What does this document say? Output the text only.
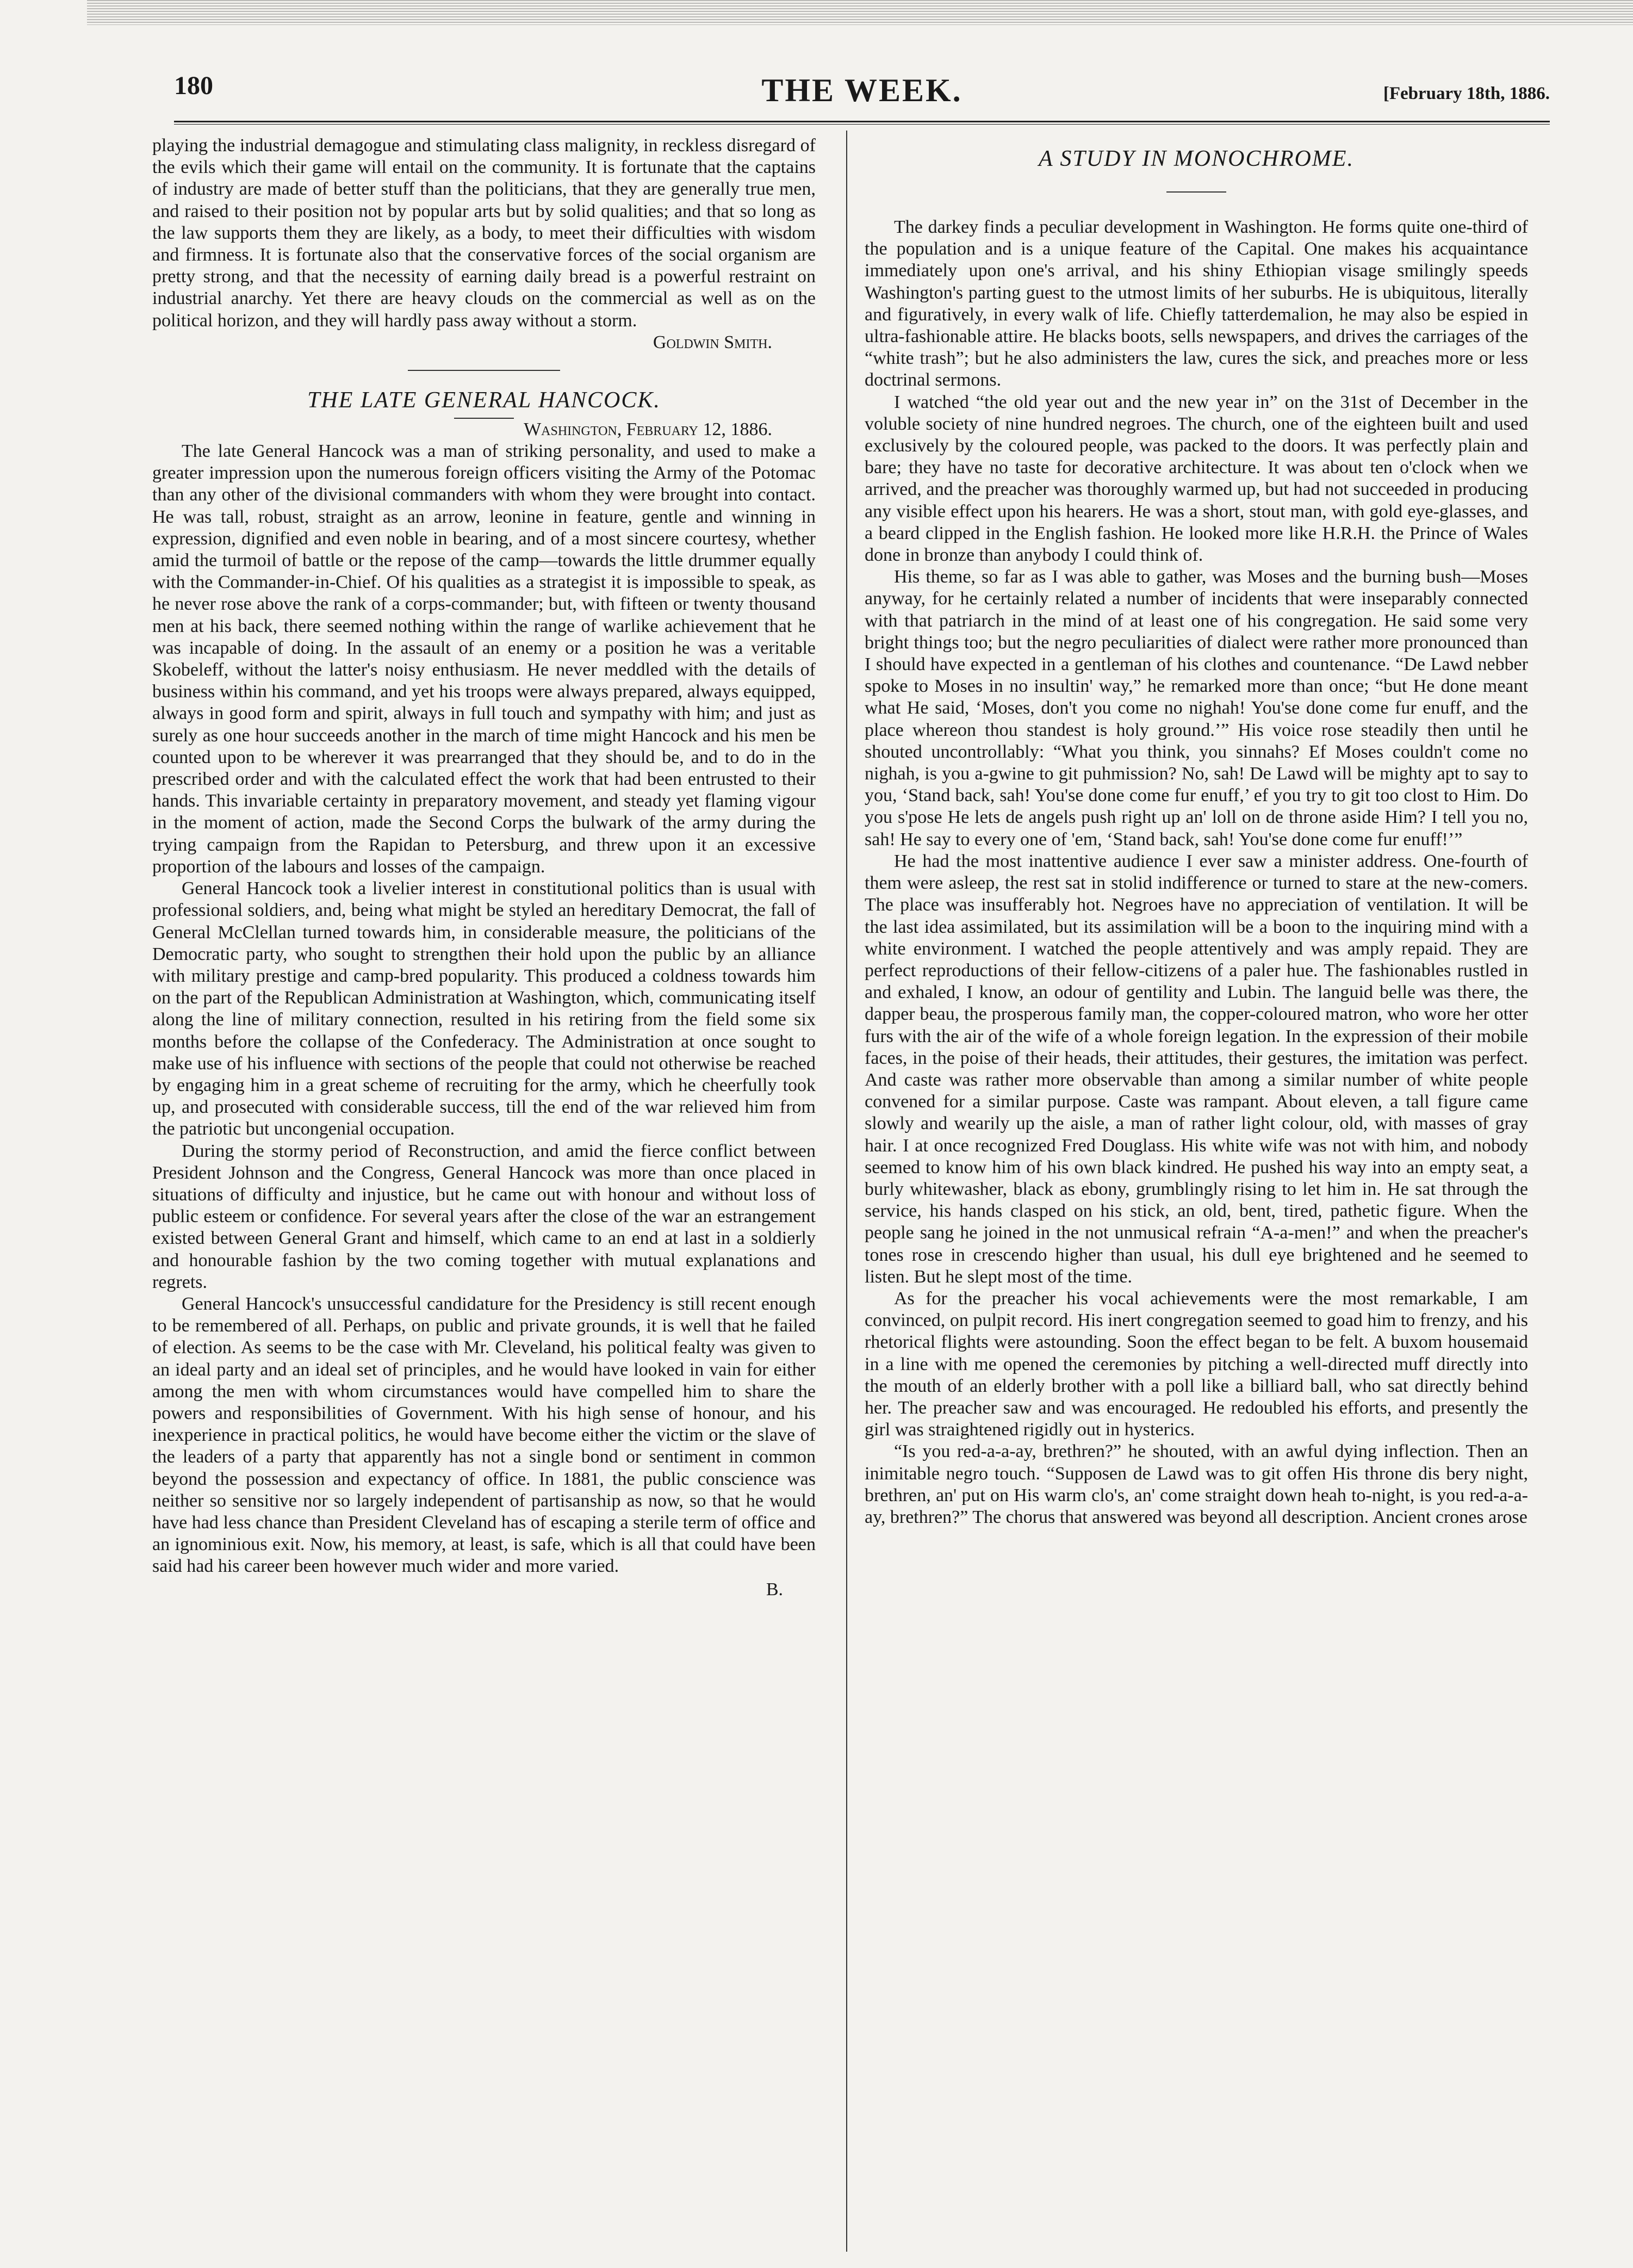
180	THE WEEK.	[February 18th, 1886.

playing the industrial demagogue and stimulating class malignity, in reckless disregard of the evils which their game will entail on the community. It is fortunate that the captains of industry are made of better stuff than the politicians, that they are generally true men, and raised to their position not by popular arts but by solid qualities; and that so long as the law supports them they are likely, as a body, to meet their difficulties with wisdom and firmness. It is fortunate also that the conservative forces of the social organism are pretty strong, and that the necessity of earning daily bread is a powerful restraint on industrial anarchy. Yet there are heavy clouds on the commercial as well as on the political horizon, and they will hardly pass away without a storm.

Goldwin Smith.

THE LATE GENERAL HANCOCK.

Washington, February 12, 1886.

The late General Hancock was a man of striking personality, and used to make a greater impression upon the numerous foreign officers visiting the Army of the Potomac than any other of the divisional commanders with whom they were brought into contact. He was tall, robust, straight as an arrow, leonine in feature, gentle and winning in expression, dignified and even noble in bearing, and of a most sincere courtesy, whether amid the turmoil of battle or the repose of the camp—towards the little drummer equally with the Commander-in-Chief. Of his qualities as a strategist it is impossible to speak, as he never rose above the rank of a corps-commander; but, with fifteen or twenty thousand men at his back, there seemed nothing within the range of warlike achievement that he was incapable of doing. In the assault of an enemy or a position he was a veritable Skobeleff, without the latter's noisy enthusiasm. He never meddled with the details of business within his command, and yet his troops were always prepared, always equipped, always in good form and spirit, always in full touch and sympathy with him; and just as surely as one hour succeeds another in the march of time might Hancock and his men be counted upon to be wherever it was prearranged that they should be, and to do in the prescribed order and with the calculated effect the work that had been entrusted to their hands. This invariable certainty in preparatory movement, and steady yet flaming vigour in the moment of action, made the Second Corps the bulwark of the army during the trying campaign from the Rapidan to Petersburg, and threw upon it an excessive proportion of the labours and losses of the campaign.

General Hancock took a livelier interest in constitutional politics than is usual with professional soldiers, and, being what might be styled an hereditary Democrat, the fall of General McClellan turned towards him, in considerable measure, the politicians of the Democratic party, who sought to strengthen their hold upon the public by an alliance with military prestige and camp-bred popularity. This produced a coldness towards him on the part of the Republican Administration at Washington, which, communicating itself along the line of military connection, resulted in his retiring from the field some six months before the collapse of the Confederacy. The Administration at once sought to make use of his influence with sections of the people that could not otherwise be reached by engaging him in a great scheme of recruiting for the army, which he cheerfully took up, and prosecuted with considerable success, till the end of the war relieved him from the patriotic but uncongenial occupation.

During the stormy period of Reconstruction, and amid the fierce conflict between President Johnson and the Congress, General Hancock was more than once placed in situations of difficulty and injustice, but he came out with honour and without loss of public esteem or confidence. For several years after the close of the war an estrangement existed between General Grant and himself, which came to an end at last in a soldierly and honourable fashion by the two coming together with mutual explanations and regrets.

General Hancock's unsuccessful candidature for the Presidency is still recent enough to be remembered of all. Perhaps, on public and private grounds, it is well that he failed of election. As seems to be the case with Mr. Cleveland, his political fealty was given to an ideal party and an ideal set of principles, and he would have looked in vain for either among the men with whom circumstances would have compelled him to share the powers and responsibilities of Government. With his high sense of honour, and his inexperience in practical politics, he would have become either the victim or the slave of the leaders of a party that apparently has not a single bond or sentiment in common beyond the possession and expectancy of office. In 1881, the public conscience was neither so sensitive nor so largely independent of partisanship as now, so that he would have had less chance than President Cleveland has of escaping a sterile term of office and an ignominious exit. Now, his memory, at least, is safe, which is all that could have been said had his career been however much wider and more varied.

B.

A STUDY IN MONOCHROME.

The darkey finds a peculiar development in Washington. He forms quite one-third of the population and is a unique feature of the Capital. One makes his acquaintance immediately upon one's arrival, and his shiny Ethiopian visage smilingly speeds Washington's parting guest to the utmost limits of her suburbs. He is ubiquitous, literally and figuratively, in every walk of life. Chiefly tatterdemalion, he may also be espied in ultra-fashionable attire. He blacks boots, sells newspapers, and drives the carriages of the “white trash”; but he also administers the law, cures the sick, and preaches more or less doctrinal sermons.

I watched “the old year out and the new year in” on the 31st of December in the voluble society of nine hundred negroes. The church, one of the eighteen built and used exclusively by the coloured people, was packed to the doors. It was perfectly plain and bare; they have no taste for decorative architecture. It was about ten o'clock when we arrived, and the preacher was thoroughly warmed up, but had not succeeded in producing any visible effect upon his hearers. He was a short, stout man, with gold eye-glasses, and a beard clipped in the English fashion. He looked more like H.R.H. the Prince of Wales done in bronze than anybody I could think of.

His theme, so far as I was able to gather, was Moses and the burning bush—Moses anyway, for he certainly related a number of incidents that were inseparably connected with that patriarch in the mind of at least one of his congregation. He said some very bright things too; but the negro peculiarities of dialect were rather more pronounced than I should have expected in a gentleman of his clothes and countenance. “De Lawd nebber spoke to Moses in no insultin' way,” he remarked more than once; “but He done meant what He said, ‘Moses, don't you come no nighah! You'se done come fur enuff, and the place whereon thou standest is holy ground.’” His voice rose steadily then until he shouted uncontrollably: “What you think, you sinnahs? Ef Moses couldn't come no nighah, is you a-gwine to git puhmission? No, sah! De Lawd will be mighty apt to say to you, ‘Stand back, sah! You'se done come fur enuff,’ ef you try to git too clost to Him. Do you s'pose He lets de angels push right up an' loll on de throne aside Him? I tell you no, sah! He say to every one of 'em, ‘Stand back, sah! You'se done come fur enuff!’”

He had the most inattentive audience I ever saw a minister address. One-fourth of them were asleep, the rest sat in stolid indifference or turned to stare at the new-comers. The place was insufferably hot. Negroes have no appreciation of ventilation. It will be the last idea assimilated, but its assimilation will be a boon to the inquiring mind with a white environment. I watched the people attentively and was amply repaid. They are perfect reproductions of their fellow-citizens of a paler hue. The fashionables rustled in and exhaled, I know, an odour of gentility and Lubin. The languid belle was there, the dapper beau, the prosperous family man, the copper-coloured matron, who wore her otter furs with the air of the wife of a whole foreign legation. In the expression of their mobile faces, in the poise of their heads, their attitudes, their gestures, the imitation was perfect. And caste was rather more observable than among a similar number of white people convened for a similar purpose. Caste was rampant. About eleven, a tall figure came slowly and wearily up the aisle, a man of rather light colour, old, with masses of gray hair. I at once recognized Fred Douglass. His white wife was not with him, and nobody seemed to know him of his own black kindred. He pushed his way into an empty seat, a burly whitewasher, black as ebony, grumblingly rising to let him in. He sat through the service, his hands clasped on his stick, an old, bent, tired, pathetic figure. When the people sang he joined in the not unmusical refrain “A-a-men!” and when the preacher's tones rose in crescendo higher than usual, his dull eye brightened and he seemed to listen. But he slept most of the time.

As for the preacher his vocal achievements were the most remarkable, I am convinced, on pulpit record. His inert congregation seemed to goad him to frenzy, and his rhetorical flights were astounding. Soon the effect began to be felt. A buxom housemaid in a line with me opened the ceremonies by pitching a well-directed muff directly into the mouth of an elderly brother with a poll like a billiard ball, who sat directly behind her. The preacher saw and was encouraged. He redoubled his efforts, and presently the girl was straightened rigidly out in hysterics.

“Is you red-a-a-ay, brethren?” he shouted, with an awful dying inflection. Then an inimitable negro touch. “Supposen de Lawd was to git offen His throne dis bery night, brethren, an' put on His warm clo's, an' come straight down heah to-night, is you red-a-a-ay, brethren?” The chorus that answered was beyond all description. Ancient crones arose
